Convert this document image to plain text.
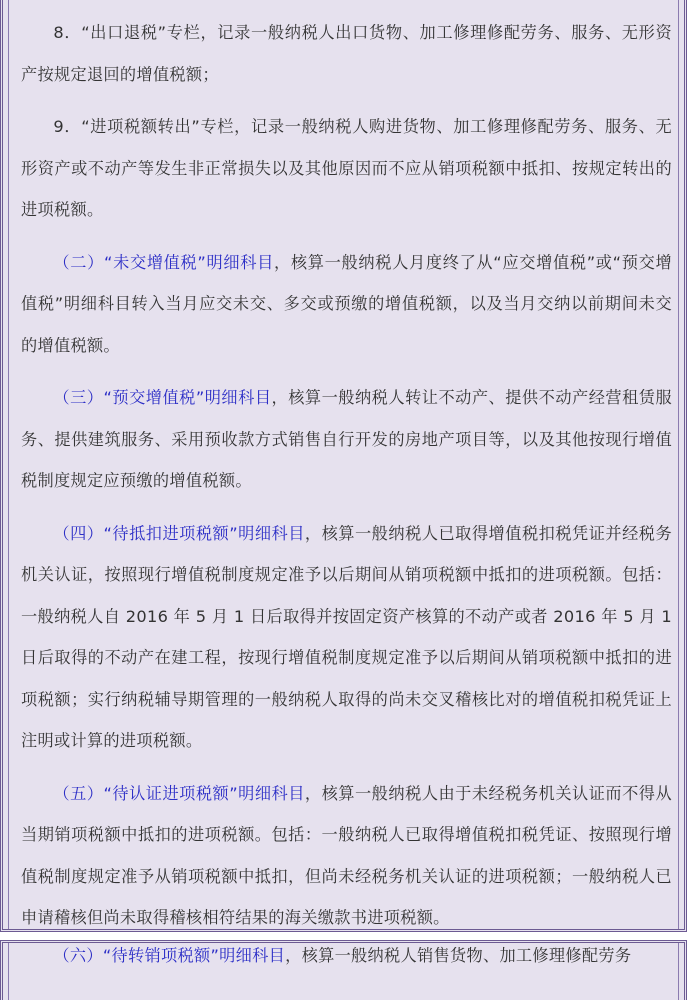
8．“出口退税”专栏，记录一般纳税人出口货物、加工修理修配劳务、服务、无形资产按规定退回的增值税额；

9．“进项税额转出”专栏，记录一般纳税人购进货物、加工修理修配劳务、服务、无形资产或不动产等发生非正常损失以及其他原因而不应从销项税额中抵扣、按规定转出的进项税额。

（二）“未交增值税”明细科目，核算一般纳税人月度终了从“应交增值税”或“预交增值税”明细科目转入当月应交未交、多交或预缴的增值税额，以及当月交纳以前期间未交的增值税额。

（三）“预交增值税”明细科目，核算一般纳税人转让不动产、提供不动产经营租赁服务、提供建筑服务、采用预收款方式销售自行开发的房地产项目等，以及其他按现行增值税制度规定应预缴的增值税额。

（四）“待抵扣进项税额”明细科目，核算一般纳税人已取得增值税扣税凭证并经税务机关认证，按照现行增值税制度规定准予以后期间从销项税额中抵扣的进项税额。包括：一般纳税人自 2016 年 5 月 1 日后取得并按固定资产核算的不动产或者 2016 年 5 月 1 日后取得的不动产在建工程，按现行增值税制度规定准予以后期间从销项税额中抵扣的进项税额；实行纳税辅导期管理的一般纳税人取得的尚未交叉稽核比对的增值税扣税凭证上注明或计算的进项税额。

（五）“待认证进项税额”明细科目，核算一般纳税人由于未经税务机关认证而不得从当期销项税额中抵扣的进项税额。包括：一般纳税人已取得增值税扣税凭证、按照现行增值税制度规定准予从销项税额中抵扣，但尚未经税务机关认证的进项税额；一般纳税人已申请稽核但尚未取得稽核相符结果的海关缴款书进项税额。

（六）“待转销项税额”明细科目，核算一般纳税人销售货物、加工修理修配劳务
